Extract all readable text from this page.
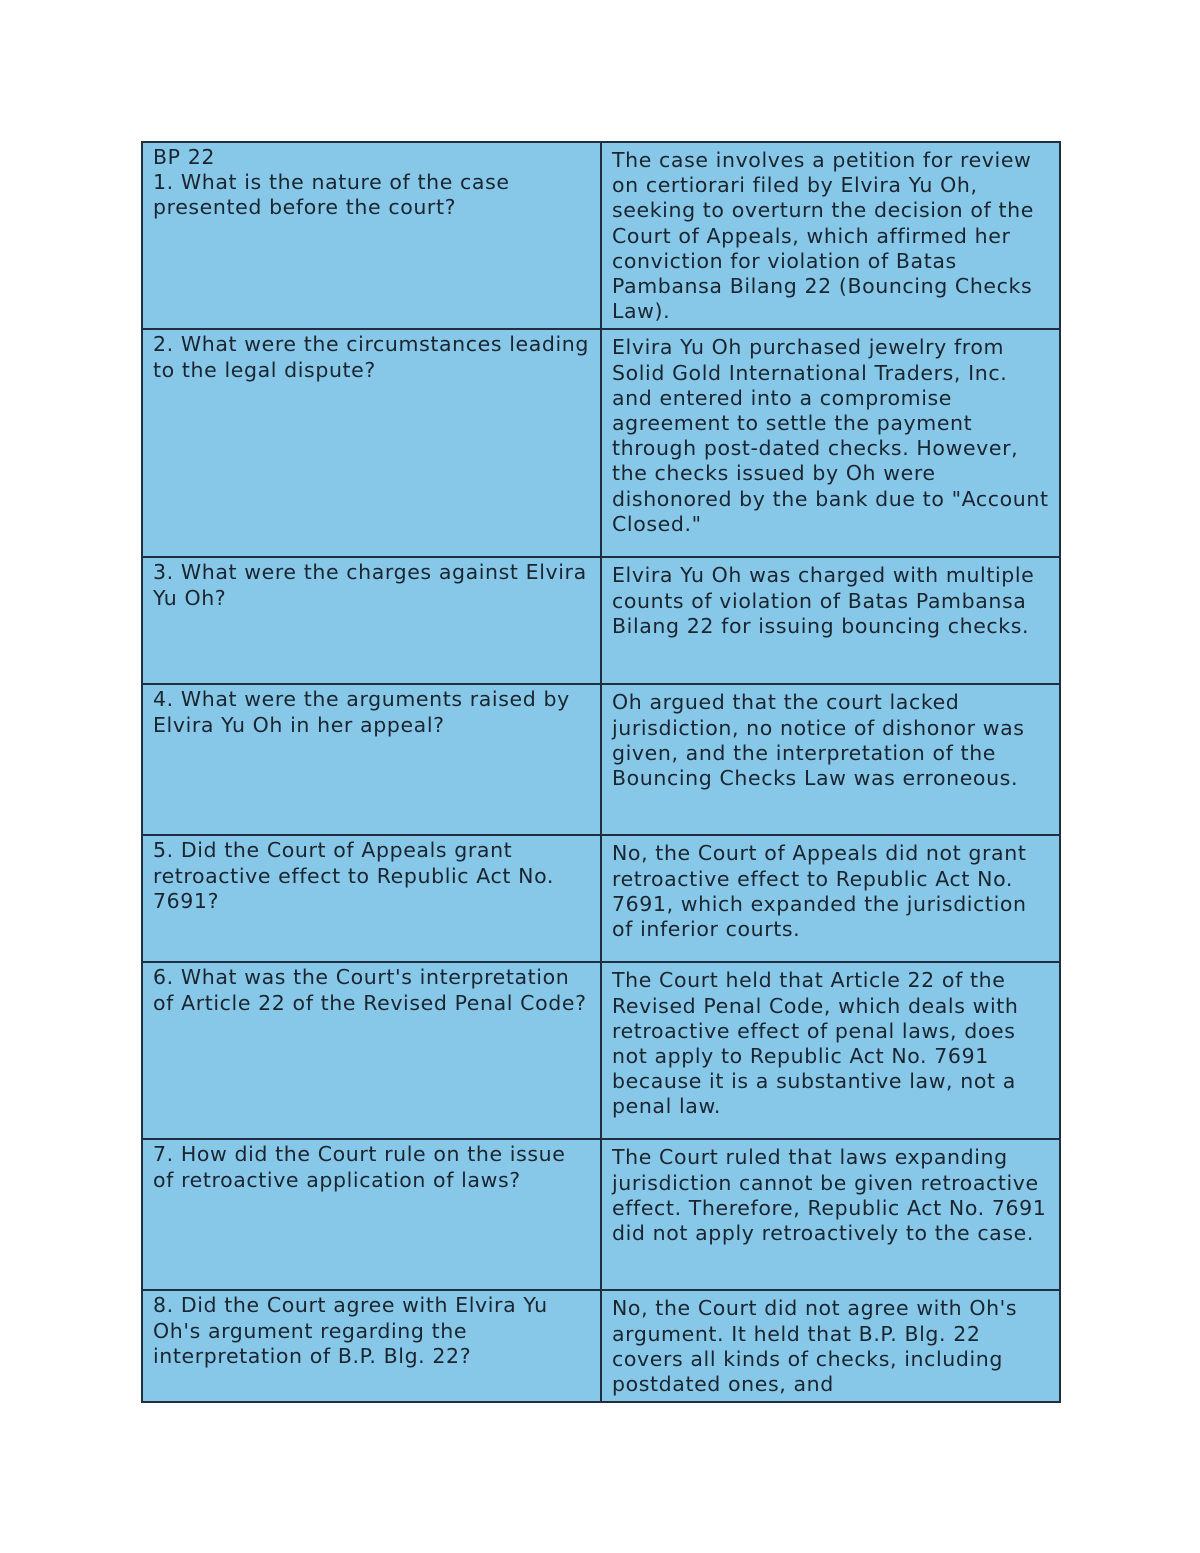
BP 22
1. What is the nature of the case presented before the court?	The case involves a petition for review on certiorari filed by Elvira Yu Oh, seeking to overturn the decision of the Court of Appeals, which affirmed her conviction for violation of Batas Pambansa Bilang 22 (Bouncing Checks Law).

2. What were the circumstances leading to the legal dispute?	Elvira Yu Oh purchased jewelry from Solid Gold International Traders, Inc. and entered into a compromise agreement to settle the payment through post-dated checks. However, the checks issued by Oh were dishonored by the bank due to "Account Closed."

3. What were the charges against Elvira Yu Oh?	Elvira Yu Oh was charged with multiple counts of violation of Batas Pambansa Bilang 22 for issuing bouncing checks.

4. What were the arguments raised by Elvira Yu Oh in her appeal?	Oh argued that the court lacked jurisdiction, no notice of dishonor was given, and the interpretation of the Bouncing Checks Law was erroneous.

5. Did the Court of Appeals grant retroactive effect to Republic Act No. 7691?	No, the Court of Appeals did not grant retroactive effect to Republic Act No. 7691, which expanded the jurisdiction of inferior courts.

6. What was the Court's interpretation of Article 22 of the Revised Penal Code?	The Court held that Article 22 of the Revised Penal Code, which deals with retroactive effect of penal laws, does not apply to Republic Act No. 7691 because it is a substantive law, not a penal law.

7. How did the Court rule on the issue of retroactive application of laws?	The Court ruled that laws expanding jurisdiction cannot be given retroactive effect. Therefore, Republic Act No. 7691 did not apply retroactively to the case.

8. Did the Court agree with Elvira Yu Oh's argument regarding the interpretation of B.P. Blg. 22?	No, the Court did not agree with Oh's argument. It held that B.P. Blg. 22 covers all kinds of checks, including postdated ones, and
